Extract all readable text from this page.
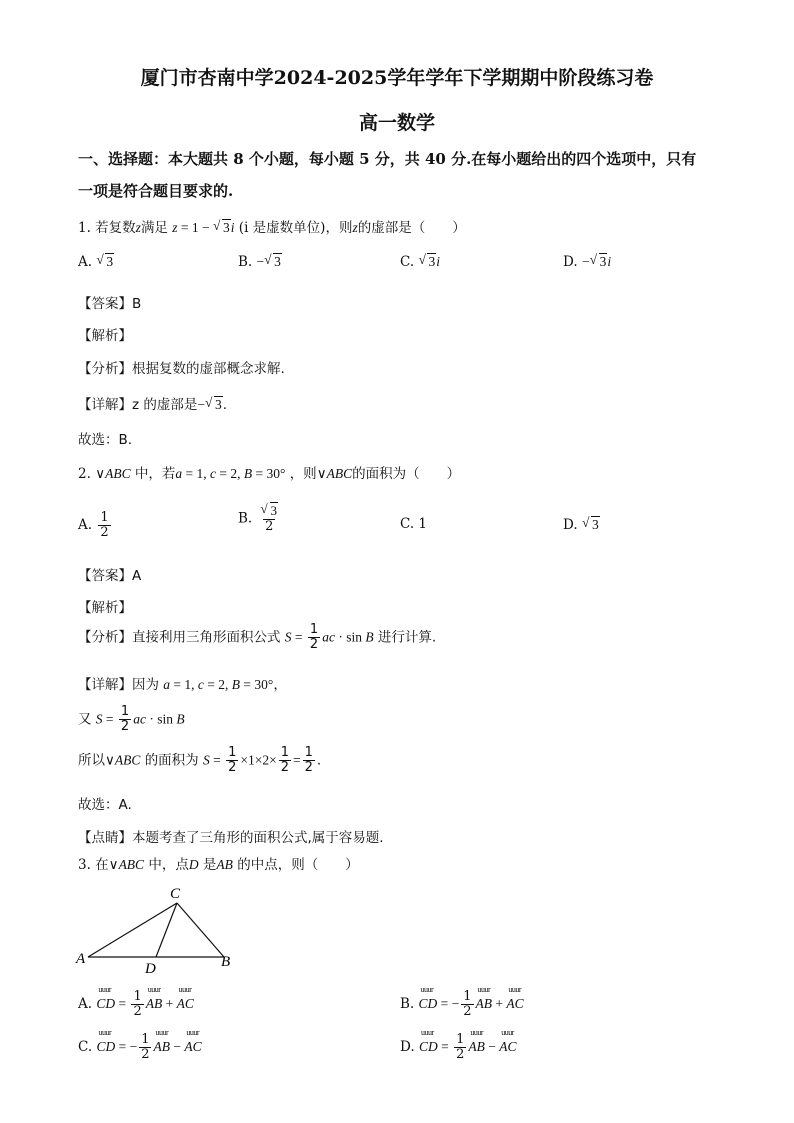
厦门市杏南中学2024-2025学年学年下学期期中阶段练习卷
高一数学
一、选择题：本大题共 8 个小题，每小题 5 分，共 40 分.在每小题给出的四个选项中，只有
一项是符合题目要求的.
1. 若复数z满足 z = 1 − √ 3i (i 是虚数单位)，则z的虚部是（　　）
A. √ 3	B. − √ 3	C. √ 3i	D. − √ 3i
【答案】B
【解析】
【分析】根据复数的虚部概念求解.
【详解】z 的虚部是− √ 3.
故选：B.
2. ∨ABC 中，若a = 1, c = 2, B = 30° ，则∨ABC的面积为（　　）
A. $\frac{1}{2}$	B. √ $\frac{3}{2}$	C. 1	D. √ 3
【答案】A
【解析】
【分析】直接利用三角形面积公式 $S = \frac{1}{2}$ ac · sin B 进行计算.
【详解】因为 a = 1, c = 2, B = 30°，
又 $S = \frac{1}{2}$ ac · sin B
所以∨ABC 的面积为 $S = \frac{1}{2} \times 1\times 2\times \frac{1}{2} = \frac{1}{2}$ .
故选：A.
【点睛】本题考查了三角形的面积公式,属于容易题.
3. 在∨ABC 中，点D 是AB 的中点，则（　　）
A
C
B
D
A. uuur CD = $\frac{1}{2}$ uuur AB + uuur AC	B. uuur CD = − $\frac{1}{2}$ uuur AB + uuur AC
C. uuur CD = − $\frac{1}{2}$ uuur AB − uuur AC	D. uuur CD = $\frac{1}{2}$ uuur AB − uuur AC
